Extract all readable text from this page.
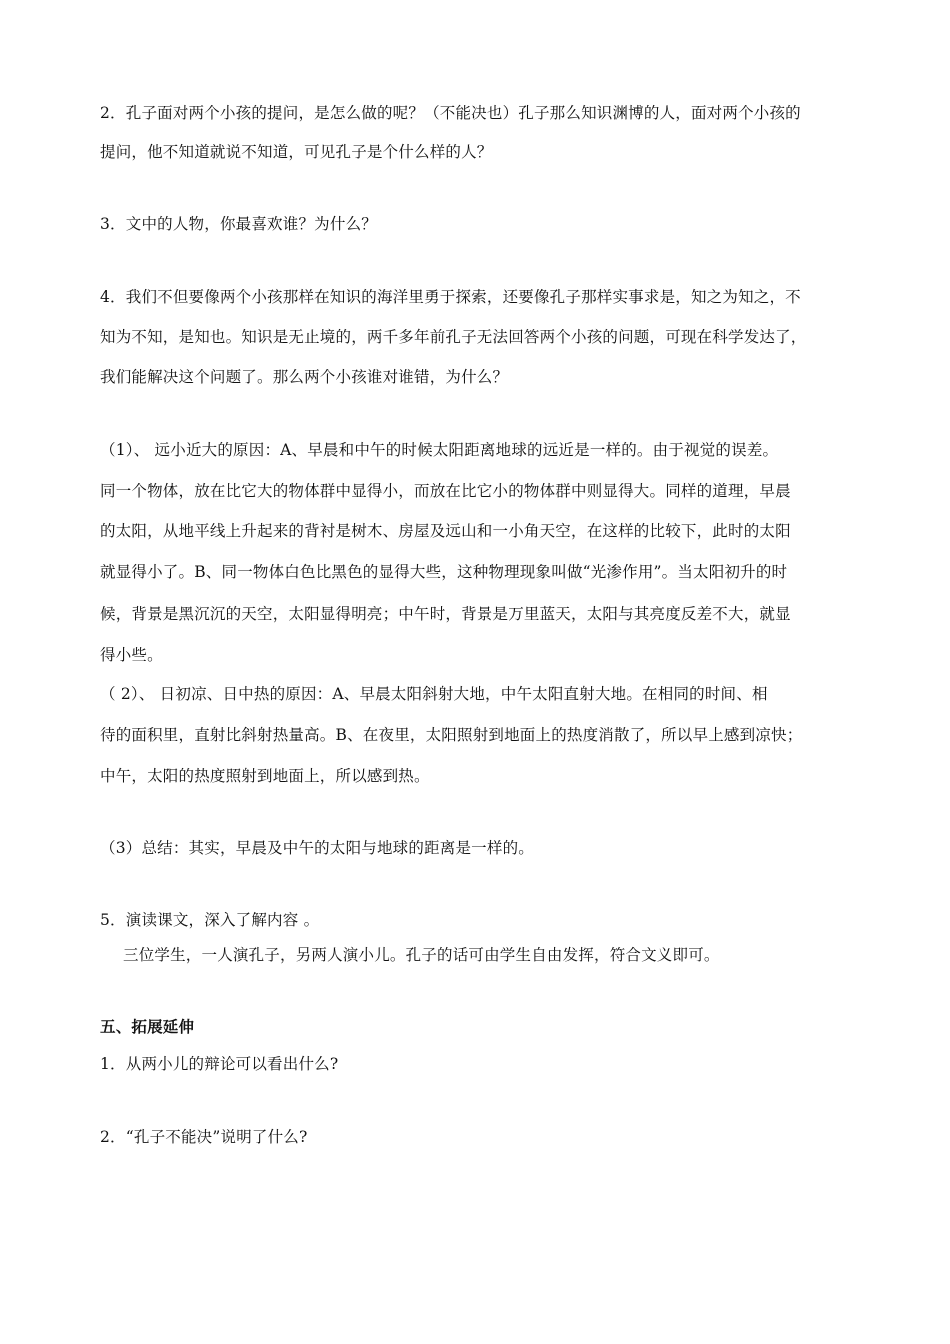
2．孔子面对两个小孩的提问，是怎么做的呢？（不能决也）孔子那么知识渊博的人，面对两个小孩的
提问，他不知道就说不知道，可见孔子是个什么样的人？
3．文中的人物，你最喜欢谁？为什么？
4．我们不但要像两个小孩那样在知识的海洋里勇于探索，还要像孔子那样实事求是，知之为知之，不
知为不知，是知也。知识是无止境的，两千多年前孔子无法回答两个小孩的问题，可现在科学发达了，
我们能解决这个问题了。那么两个小孩谁对谁错，为什么？
（1）、 远小近大的原因：A、早晨和中午的时候太阳距离地球的远近是一样的。由于视觉的误差。
同一个物体，放在比它大的物体群中显得小，而放在比它小的物体群中则显得大。同样的道理，早晨
的太阳，从地平线上升起来的背衬是树木、房屋及远山和一小角天空，在这样的比较下，此时的太阳
就显得小了。B、同一物体白色比黑色的显得大些，这种物理现象叫做“光渗作用”。当太阳初升的时
候，背景是黑沉沉的天空，太阳显得明亮；中午时，背景是万里蓝天，太阳与其亮度反差不大，就显
得小些。
（ 2）、 日初凉、日中热的原因：A、早晨太阳斜射大地，中午太阳直射大地。在相同的时间、相
待的面积里，直射比斜射热量高。B、在夜里，太阳照射到地面上的热度消散了，所以早上感到凉快；
中午，太阳的热度照射到地面上，所以感到热。
（3）总结：其实，早晨及中午的太阳与地球的距离是一样的。
5．演读课文，深入了解内容 。
三位学生，一人演孔子，另两人演小儿。孔子的话可由学生自由发挥，符合文义即可。
五、拓展延伸
1．从两小儿的辩论可以看出什么?
2．“孔子不能决”说明了什么?
